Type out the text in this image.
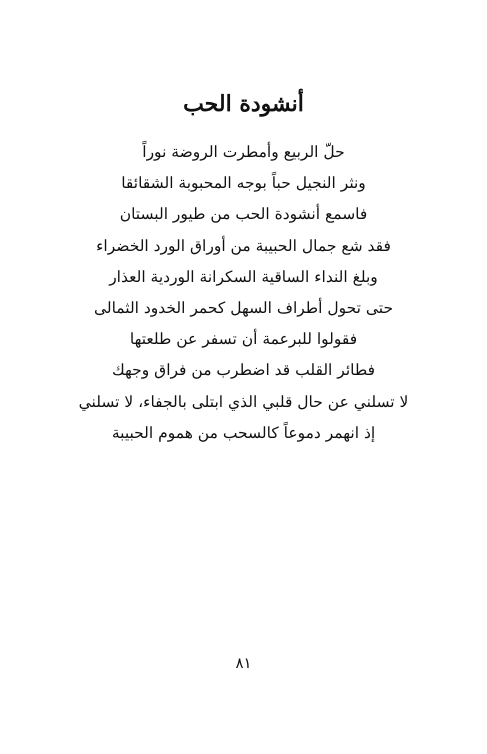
أنشودة الحب
حلّ الربيع وأمطرت الروضة نوراً
ونثر النجيل حباً بوجه المحبوبة الشقائقا
فاسمع أنشودة الحب من طيور البستان
فقد شع جمال الحبيبة من أوراق الورد الخضراء
وبلغ النداء الساقية السكرانة الوردية العذار
حتى تحول أطراف السهل كحمر الخدود الثمالى
فقولوا للبرعمة أن تسفر عن طلعتها
فطائر القلب قد اضطرب من فراق وجهك
لا تسلني عن حال قلبي الذي ابتلى بالجفاء، لا تسلني
إذ انهمر دموعاً كالسحب من هموم الحبيبة
٨١
